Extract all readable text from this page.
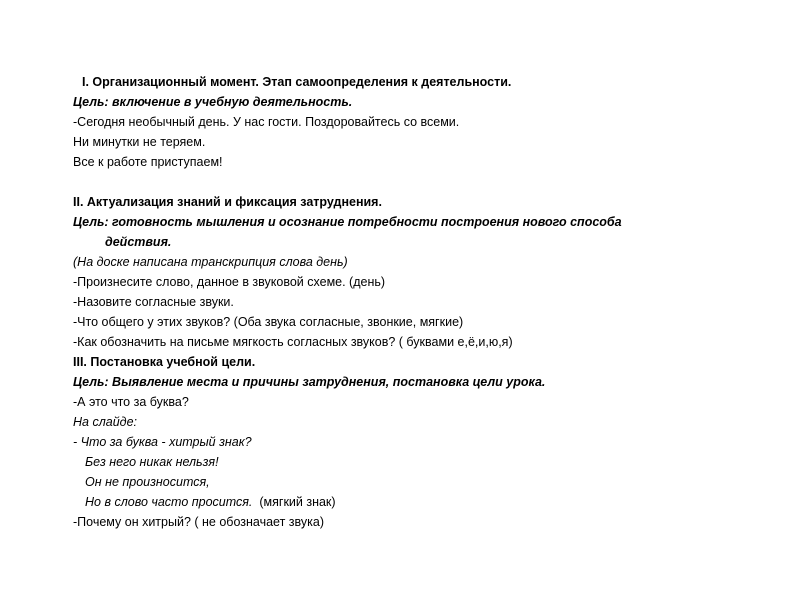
I. Организационный момент. Этап самоопределения к деятельности.
Цель: включение в учебную деятельность.
-Сегодня необычный день. У нас гости. Поздоровайтесь со всеми.
Ни минутки не теряем.
Все к работе приступаем!
II. Актуализация знаний и фиксация затруднения.
Цель: готовность мышления и осознание потребности построения нового способа
действия.
(На доске написана транскрипция слова день)
-Произнесите слово, данное в звуковой схеме. (день)
-Назовите согласные звуки.
-Что общего у этих звуков? (Оба звука согласные, звонкие, мягкие)
-Как обозначить на письме мягкость согласных звуков? ( буквами е,ё,и,ю,я)
III. Постановка учебной цели.
Цель: Выявление места и причины затруднения, постановка цели урока.
-А это что за буква?
На слайде:
- Что за буква - хитрый знак?
Без него никак нельзя!
Он не произносится,
Но в слово часто просится. (мягкий знак)
-Почему он хитрый? ( не обозначает звука)
